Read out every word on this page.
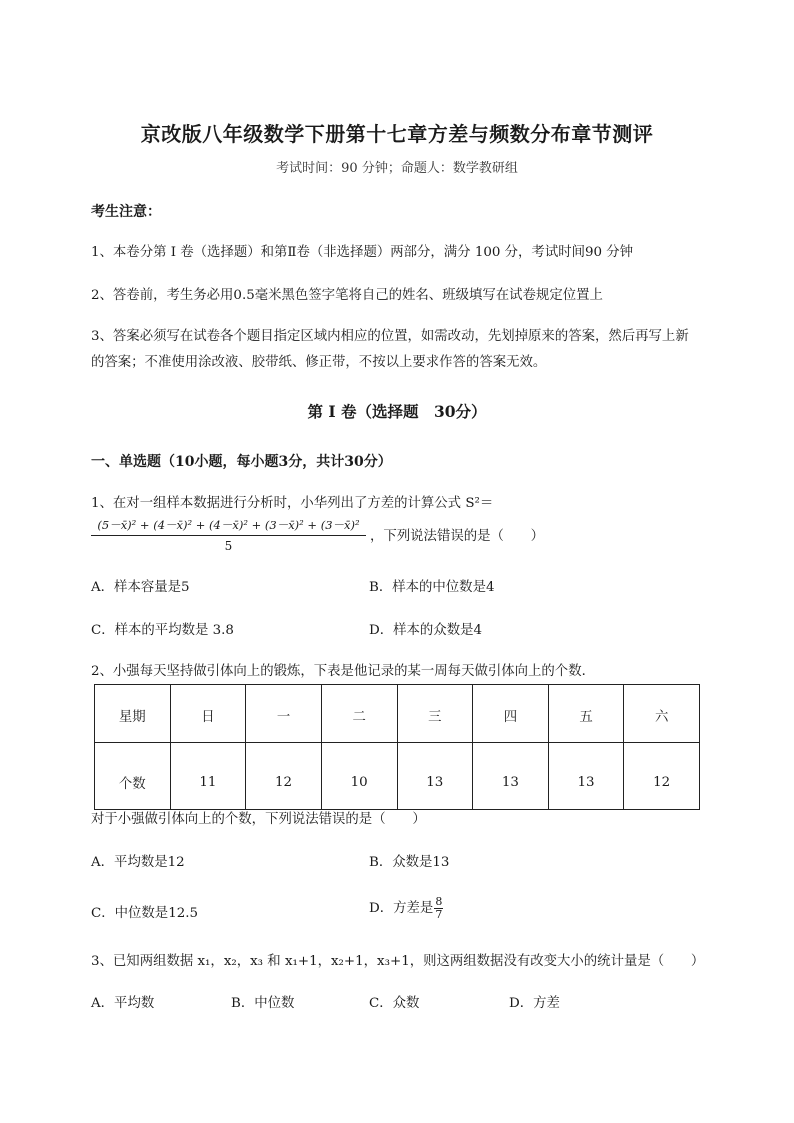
京改版八年级数学下册第十七章方差与频数分布章节测评
考试时间：90 分钟；命题人：数学教研组
考生注意：
1、本卷分第 I 卷（选择题）和第Ⅱ卷（非选择题）两部分，满分 100 分，考试时间90 分钟
2、答卷前，考生务必用0.5毫米黑色签字笔将自己的姓名、班级填写在试卷规定位置上
3、答案必须写在试卷各个题目指定区域内相应的位置，如需改动，先划掉原来的答案，然后再写上新
的答案；不准使用涂改液、胶带纸、修正带，不按以上要求作答的答案无效。
第 I 卷（选择题　30分）
一、单选题（10小题，每小题3分，共计30分）
1、在对一组样本数据进行分析时，小华列出了方差的计算公式 S²＝
$\frac{\text{(5－x̄)² + (4－x̄)² + (4－x̄)² + (3－x̄)² + (3－x̄)²}}{5}$ ，下列说法错误的是（　　）
A．样本容量是5	B．样本的中位数是4
C．样本的平均数是 3.8	D．样本的众数是4
2、小强每天坚持做引体向上的锻炼，下表是他记录的某一周每天做引体向上的个数．
星期	日	一	二	三	四	五	六
个数	11	12	10	13	13	13	12
对于小强做引体向上的个数，下列说法错误的是（　　）
A．平均数是12	B．众数是13
C．中位数是12.5	D．方差是 $\frac{8}{7}$
3、已知两组数据 x₁，x₂，x₃ 和 x₁+1，x₂+1，x₃+1，则这两组数据没有改变大小的统计量是（　　）
A．平均数	B．中位数	C．众数	D．方差
